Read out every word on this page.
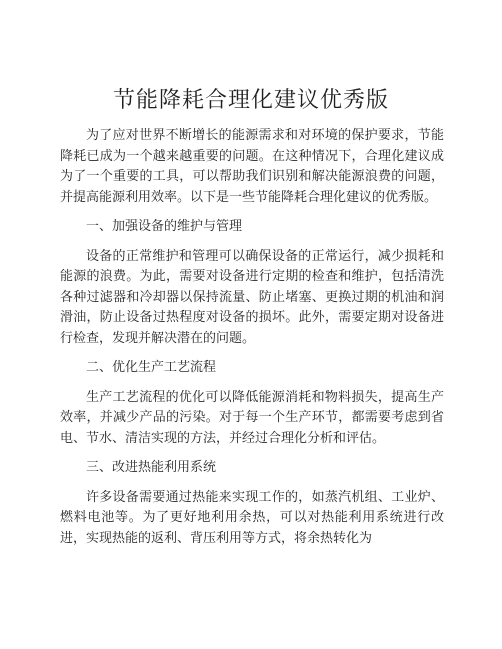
节能降耗合理化建议优秀版

为了应对世界不断增长的能源需求和对环境的保护要求，节能降耗已成为一个越来越重要的问题。在这种情况下，合理化建议成为了一个重要的工具，可以帮助我们识别和解决能源浪费的问题，并提高能源利用效率。以下是一些节能降耗合理化建议的优秀版。

一、加强设备的维护与管理

设备的正常维护和管理可以确保设备的正常运行，减少损耗和能源的浪费。为此，需要对设备进行定期的检查和维护，包括清洗各种过滤器和冷却器以保持流量、防止堵塞、更换过期的机油和润滑油，防止设备过热程度对设备的损坏。此外，需要定期对设备进行检查，发现并解决潜在的问题。

二、优化生产工艺流程

生产工艺流程的优化可以降低能源消耗和物料损失，提高生产效率，并减少产品的污染。对于每一个生产环节，都需要考虑到省电、节水、清洁实现的方法，并经过合理化分析和评估。

三、改进热能利用系统

许多设备需要通过热能来实现工作的，如蒸汽机组、工业炉、燃料电池等。为了更好地利用余热，可以对热能利用系统进行改进，实现热能的返利、背压利用等方式，将余热转化为
